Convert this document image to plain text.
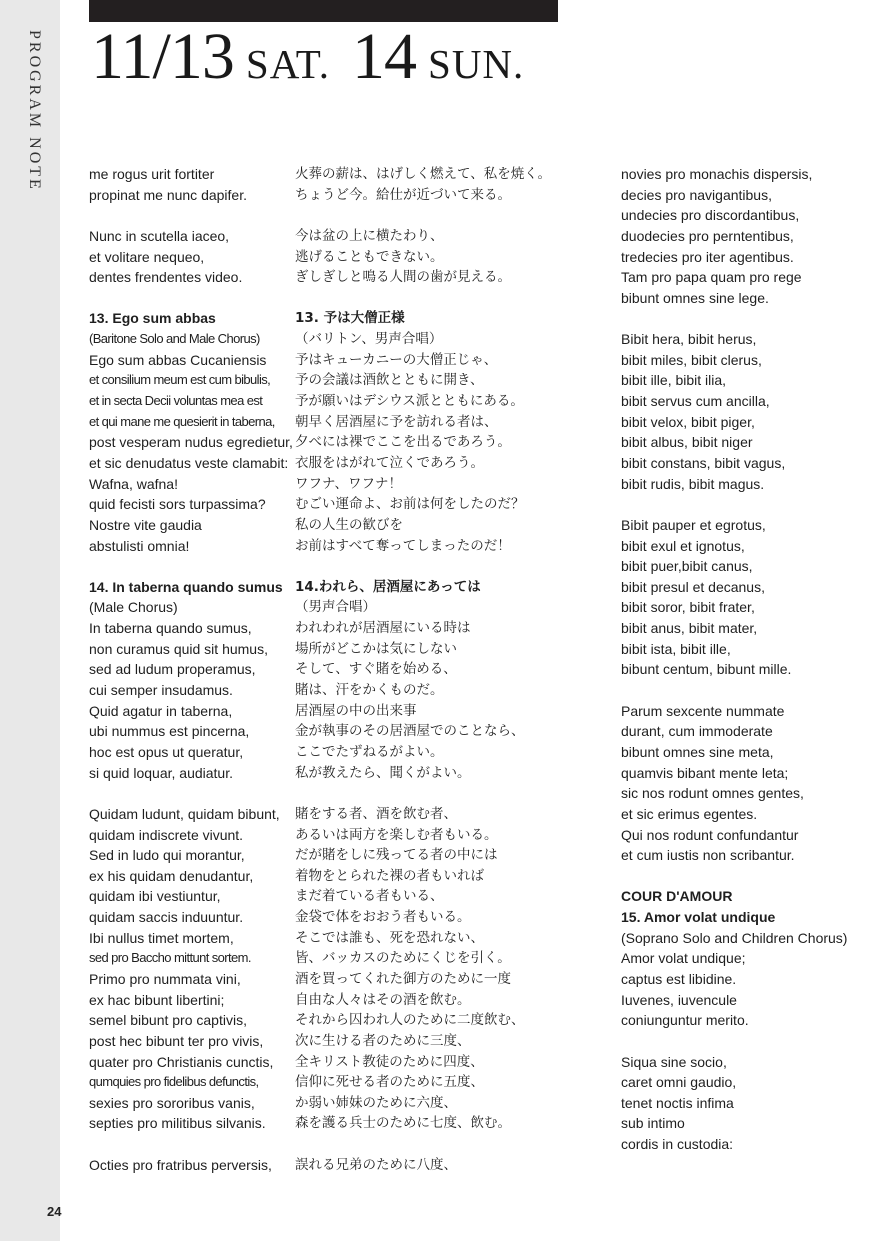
PROGRAM NOTE
24
11/13 SAT. 14 SUN.
me rogus urit fortiter
propinat me nunc dapifer.
Nunc in scutella iaceo,
et volitare nequeo,
dentes frendentes video.
13. Ego sum abbas
(Baritone Solo and Male Chorus)
Ego sum abbas Cucaniensis
et consilium meum est cum bibulis,
et in secta Decii voluntas mea est
et qui mane me quesierit in taberna,
post vesperam nudus egredietur,
et sic denudatus veste clamabit:
Wafna, wafna!
quid fecisti sors turpassima?
Nostre vite gaudia
abstulisti omnia!
14. In taberna quando sumus
(Male Chorus)
In taberna quando sumus,
non curamus quid sit humus,
sed ad ludum properamus,
cui semper insudamus.
Quid agatur in taberna,
ubi nummus est pincerna,
hoc est opus ut queratur,
si quid loquar, audiatur.
Quidam ludunt, quidam bibunt,
quidam indiscrete vivunt.
Sed in ludo qui morantur,
ex his quidam denudantur,
quidam ibi vestiuntur,
quidam saccis induuntur.
Ibi nullus timet mortem,
sed pro Baccho mittunt sortem.
Primo pro nummata vini,
ex hac bibunt libertini;
semel bibunt pro captivis,
post hec bibunt ter pro vivis,
quater pro Christianis cunctis,
qumquies pro fidelibus defunctis,
sexies pro sororibus vanis,
septies pro militibus silvanis.
Octies pro fratribus perversis,
火葬の薪は、はげしく燃えて、私を焼く。
ちょうど今。給仕が近づいて来る。
今は盆の上に横たわり、
逃げることもできない。
ぎしぎしと鳴る人間の歯が見える。
13. 予は大僧正様
（バリトン、男声合唱）
予はキューカニーの大僧正じゃ、
予の会議は酒飲とともに開き、
予が願いはデシウス派とともにある。
朝早く居酒屋に予を訪れる者は、
夕べには裸でここを出るであろう。
衣服をはがれて泣くであろう。
ワフナ、ワフナ！
むごい運命よ、お前は何をしたのだ？
私の人生の歓びを
お前はすべて奪ってしまったのだ！
14.われら、居酒屋にあっては
（男声合唱）
われわれが居酒屋にいる時は
場所がどこかは気にしない
そして、すぐ賭を始める、
賭は、汗をかくものだ。
居酒屋の中の出来事
金が執事のその居酒屋でのことなら、
ここでたずねるがよい。
私が教えたら、聞くがよい。
賭をする者、酒を飲む者、
あるいは両方を楽しむ者もいる。
だが賭をしに残ってる者の中には
着物をとられた裸の者もいれば
まだ着ている者もいる、
金袋で体をおおう者もいる。
そこでは誰も、死を恐れない、
皆、バッカスのためにくじを引く。
酒を買ってくれた御方のために一度
自由な人々はその酒を飲む。
それから囚われ人のために二度飲む、
次に生ける者のために三度、
全キリスト教徒のために四度、
信仰に死せる者のために五度、
か弱い姉妹のために六度、
森を護る兵士のために七度、飲む。
誤れる兄弟のために八度、
novies pro monachis dispersis,
decies pro navigantibus,
undecies pro discordantibus,
duodecies pro perntentibus,
tredecies pro iter agentibus.
Tam pro papa quam pro rege
bibunt omnes sine lege.
Bibit hera, bibit herus,
bibit miles, bibit clerus,
bibit ille, bibit ilia,
bibit servus cum ancilla,
bibit velox, bibit piger,
bibit albus, bibit niger
bibit constans, bibit vagus,
bibit rudis, bibit magus.
Bibit pauper et egrotus,
bibit exul et ignotus,
bibit puer,bibit canus,
bibit presul et decanus,
bibit soror, bibit frater,
bibit anus, bibit mater,
bibit ista, bibit ille,
bibunt centum, bibunt mille.
Parum sexcente nummate
durant, cum immoderate
bibunt omnes sine meta,
quamvis bibant mente leta;
sic nos rodunt omnes gentes,
et sic erimus egentes.
Qui nos rodunt confundantur
et cum iustis non scribantur.
COUR D'AMOUR
15. Amor volat undique
(Soprano Solo and Children Chorus)
Amor volat undique;
captus est libidine.
Iuvenes, iuvencule
coniunguntur merito.
Siqua sine socio,
caret omni gaudio,
tenet noctis infima
sub intimo
cordis in custodia:
